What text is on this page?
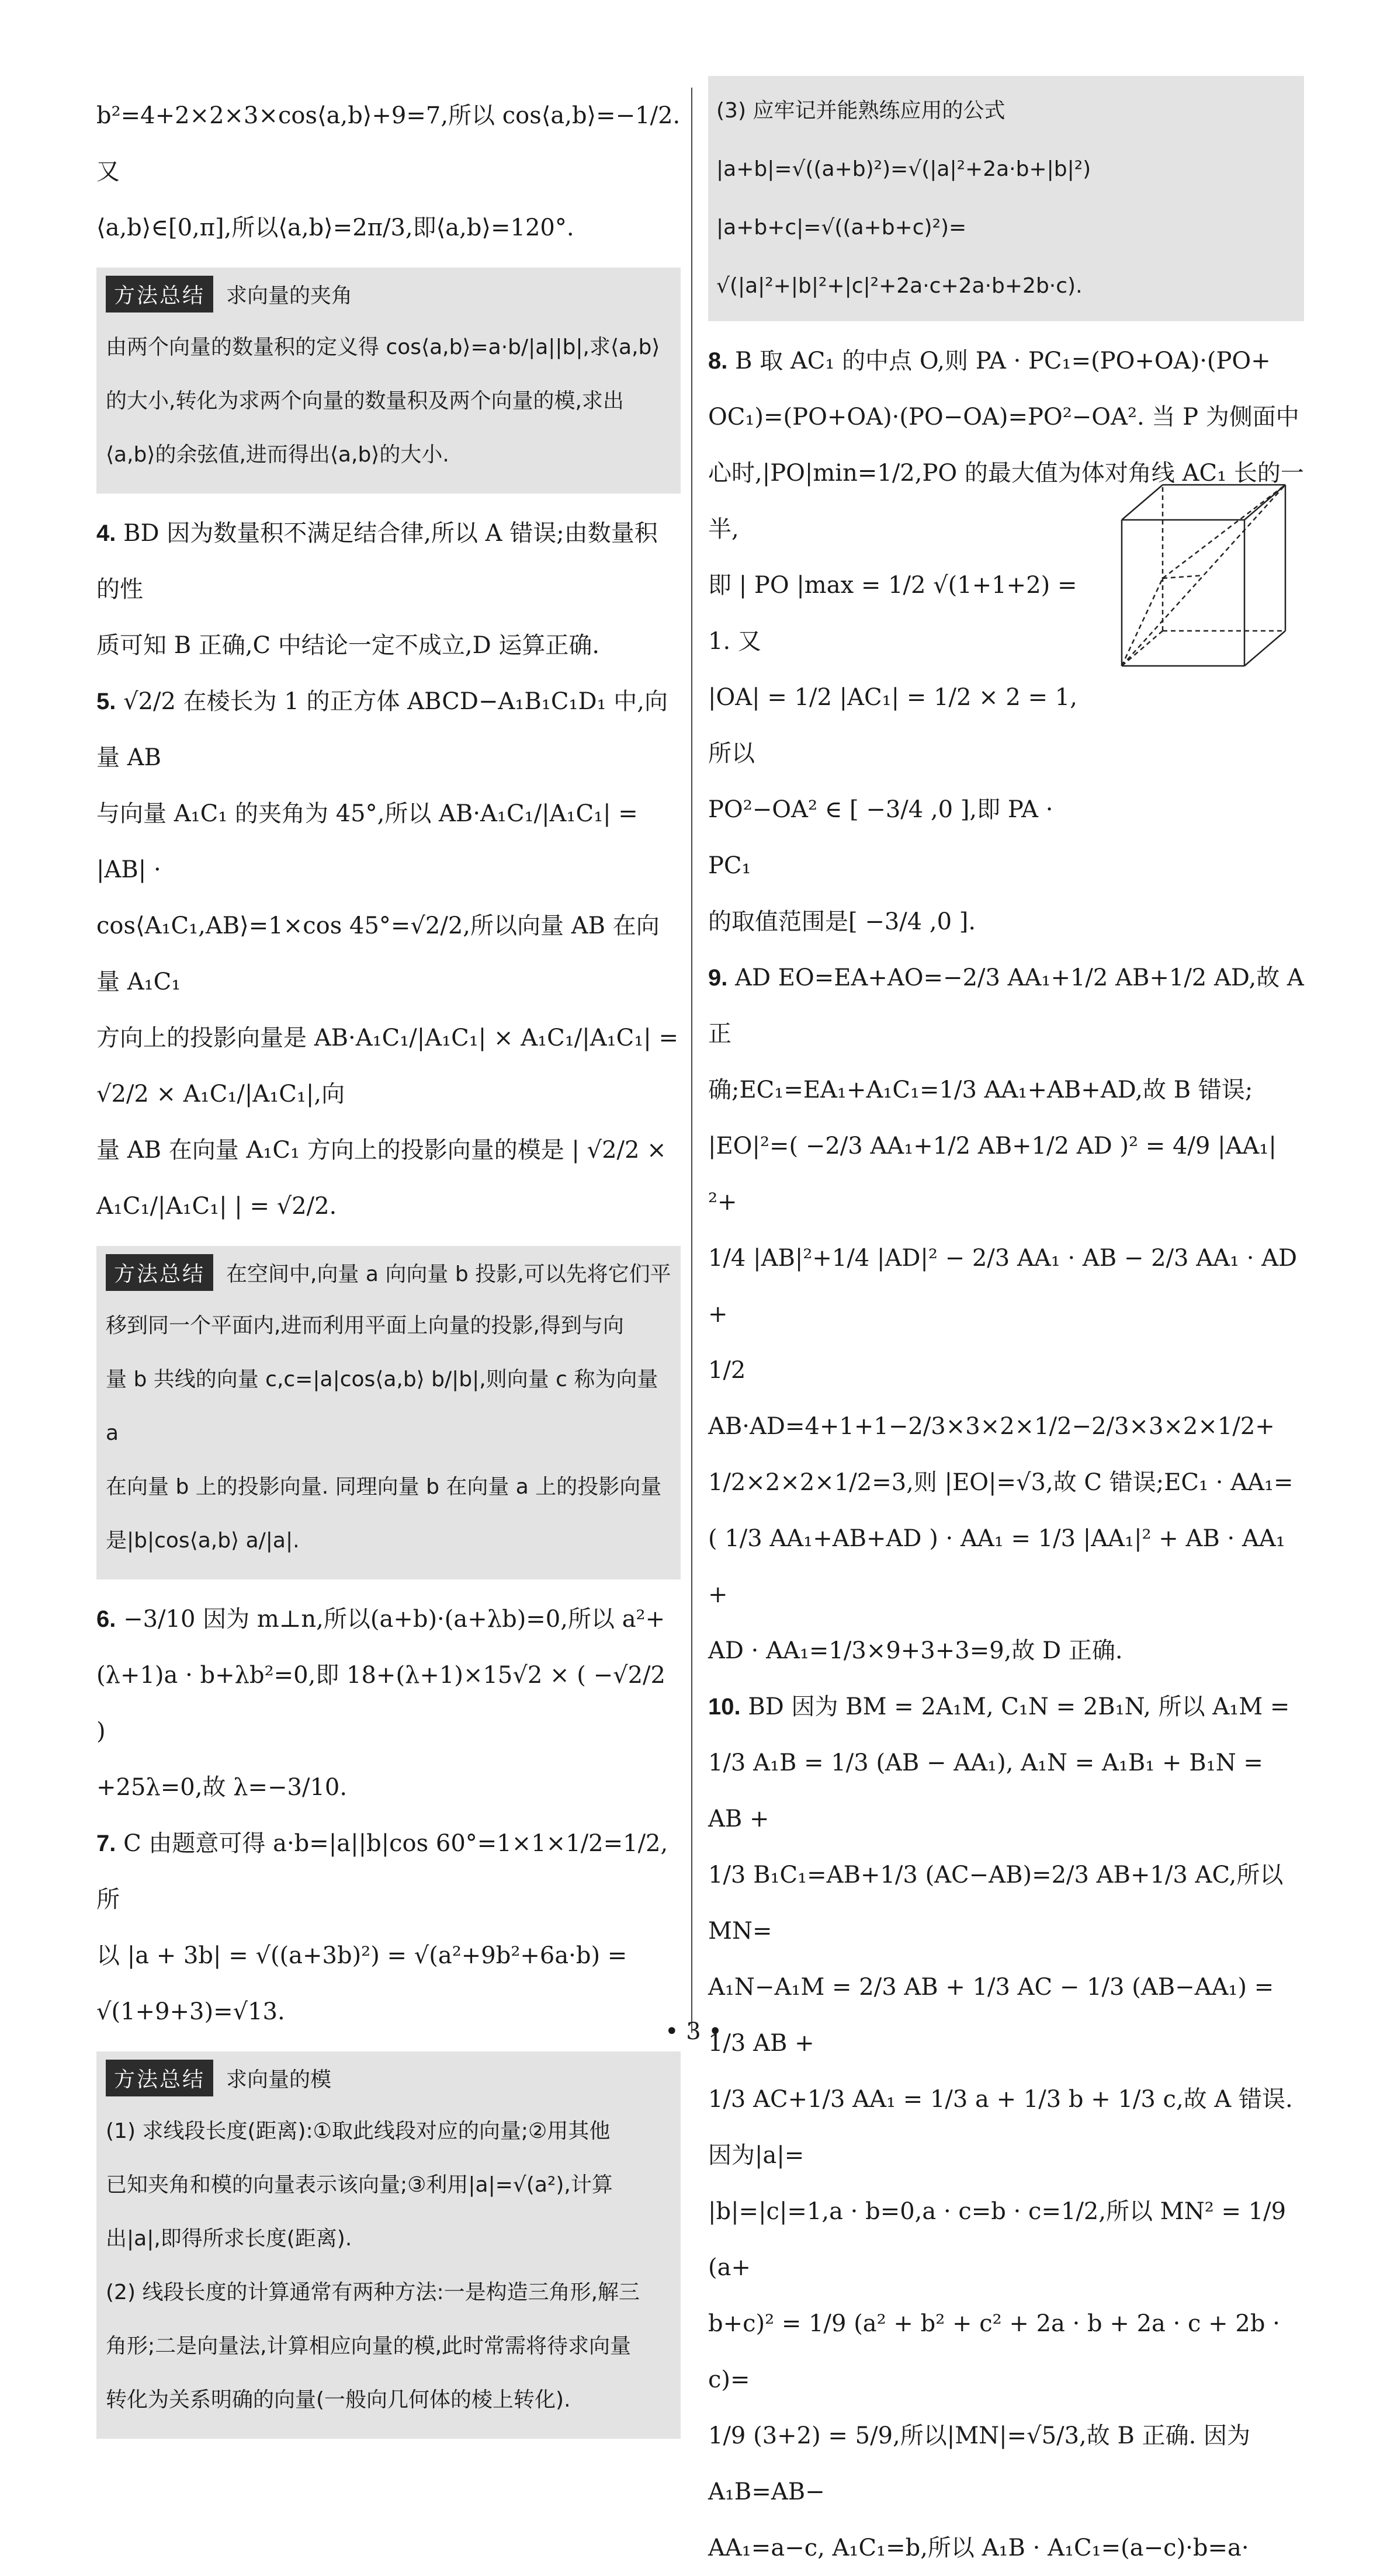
b²=4+2×2×3×cos⟨a,b⟩+9=7,所以 cos⟨a,b⟩=−1/2. 又
⟨a,b⟩∈[0,π],所以⟨a,b⟩=2π/3,即⟨a,b⟩=120°.
方法总结	求向量的夹角
由两个向量的数量积的定义得 cos⟨a,b⟩=a·b/|a||b|,求⟨a,b⟩
的大小,转化为求两个向量的数量积及两个向量的模,求出
⟨a,b⟩的余弦值,进而得出⟨a,b⟩的大小.
4. BD 因为数量积不满足结合律,所以 A 错误;由数量积的性
质可知 B 正确,C 中结论一定不成立,D 运算正确.
5. √2/2 在棱长为 1 的正方体 ABCD−A₁B₁C₁D₁ 中,向量 AB
与向量 A₁C₁ 的夹角为 45°,所以 AB·A₁C₁/|A₁C₁| = |AB| ·
cos⟨A₁C₁,AB⟩=1×cos 45°=√2/2,所以向量 AB 在向量 A₁C₁
方向上的投影向量是 AB·A₁C₁/|A₁C₁| × A₁C₁/|A₁C₁| = √2/2 × A₁C₁/|A₁C₁|,向
量 AB 在向量 A₁C₁ 方向上的投影向量的模是 | √2/2 ×
A₁C₁/|A₁C₁| | = √2/2.
方法总结	在空间中,向量 a 向向量 b 投影,可以先将它们平
移到同一个平面内,进而利用平面上向量的投影,得到与向
量 b 共线的向量 c,c=|a|cos⟨a,b⟩ b/|b|,则向量 c 称为向量 a
在向量 b 上的投影向量. 同理向量 b 在向量 a 上的投影向量
是|b|cos⟨a,b⟩ a/|a|.
6. −3/10 因为 m⊥n,所以(a+b)·(a+λb)=0,所以 a²+
(λ+1)a · b+λb²=0,即 18+(λ+1)×15√2 × ( −√2/2 )
+25λ=0,故 λ=−3/10.
7. C 由题意可得 a·b=|a||b|cos 60°=1×1×1/2=1/2,所
以 |a + 3b| = √((a+3b)²) = √(a²+9b²+6a·b) =
√(1+9+3)=√13.
方法总结	求向量的模
(1) 求线段长度(距离):①取此线段对应的向量;②用其他
已知夹角和模的向量表示该向量;③利用|a|=√(a²),计算
出|a|,即得所求长度(距离).
(2) 线段长度的计算通常有两种方法:一是构造三角形,解三
角形;二是向量法,计算相应向量的模,此时常需将待求向量
转化为关系明确的向量(一般向几何体的棱上转化).
(3) 应牢记并能熟练应用的公式
|a+b|=√((a+b)²)=√(|a|²+2a·b+|b|²)
|a+b+c|=√((a+b+c)²)=
√(|a|²+|b|²+|c|²+2a·c+2a·b+2b·c).
8. B 取 AC₁ 的中点 O,则 PA · PC₁=(PO+OA)·(PO+
OC₁)=(PO+OA)·(PO−OA)=PO²−OA². 当 P 为侧面中
心时,|PO|min=1/2,PO 的最大值为体对角线 AC₁ 长的一半,
即 | PO |max = 1/2 √(1+1+2) = 1. 又
|OA| = 1/2 |AC₁| = 1/2 × 2 = 1,所以
PO²−OA² ∈ [ −3/4 ,0 ],即 PA · PC₁
的取值范围是[ −3/4 ,0 ].
9. AD EO=EA+AO=−2/3 AA₁+1/2 AB+1/2 AD,故 A 正
确;EC₁=EA₁+A₁C₁=1/3 AA₁+AB+AD,故 B 错误;
|EO|²=( −2/3 AA₁+1/2 AB+1/2 AD )² = 4/9 |AA₁|²+
1/4 |AB|²+1/4 |AD|² − 2/3 AA₁ · AB − 2/3 AA₁ · AD +
1/2 AB·AD=4+1+1−2/3×3×2×1/2−2/3×3×2×1/2+
1/2×2×2×1/2=3,则 |EO|=√3,故 C 错误;EC₁ · AA₁=
( 1/3 AA₁+AB+AD ) · AA₁ = 1/3 |AA₁|² + AB · AA₁ +
AD · AA₁=1/3×9+3+3=9,故 D 正确.
10. BD 因为 BM = 2A₁M, C₁N = 2B₁N, 所以 A₁M =
1/3 A₁B = 1/3 (AB − AA₁), A₁N = A₁B₁ + B₁N = AB +
1/3 B₁C₁=AB+1/3 (AC−AB)=2/3 AB+1/3 AC,所以 MN=
A₁N−A₁M = 2/3 AB + 1/3 AC − 1/3 (AB−AA₁) = 1/3 AB +
1/3 AC+1/3 AA₁ = 1/3 a + 1/3 b + 1/3 c,故 A 错误. 因为|a|=
|b|=|c|=1,a · b=0,a · c=b · c=1/2,所以 MN² = 1/9 (a+
b+c)² = 1/9 (a² + b² + c² + 2a · b + 2a · c + 2b · c)=
1/9 (3+2) = 5/9,所以|MN|=√5/3,故 B 正确. 因为 A₁B=AB−
AA₁=a−c, A₁C₁=b,所以 A₁B · A₁C₁=(a−c)·b=a·
• 3 •
